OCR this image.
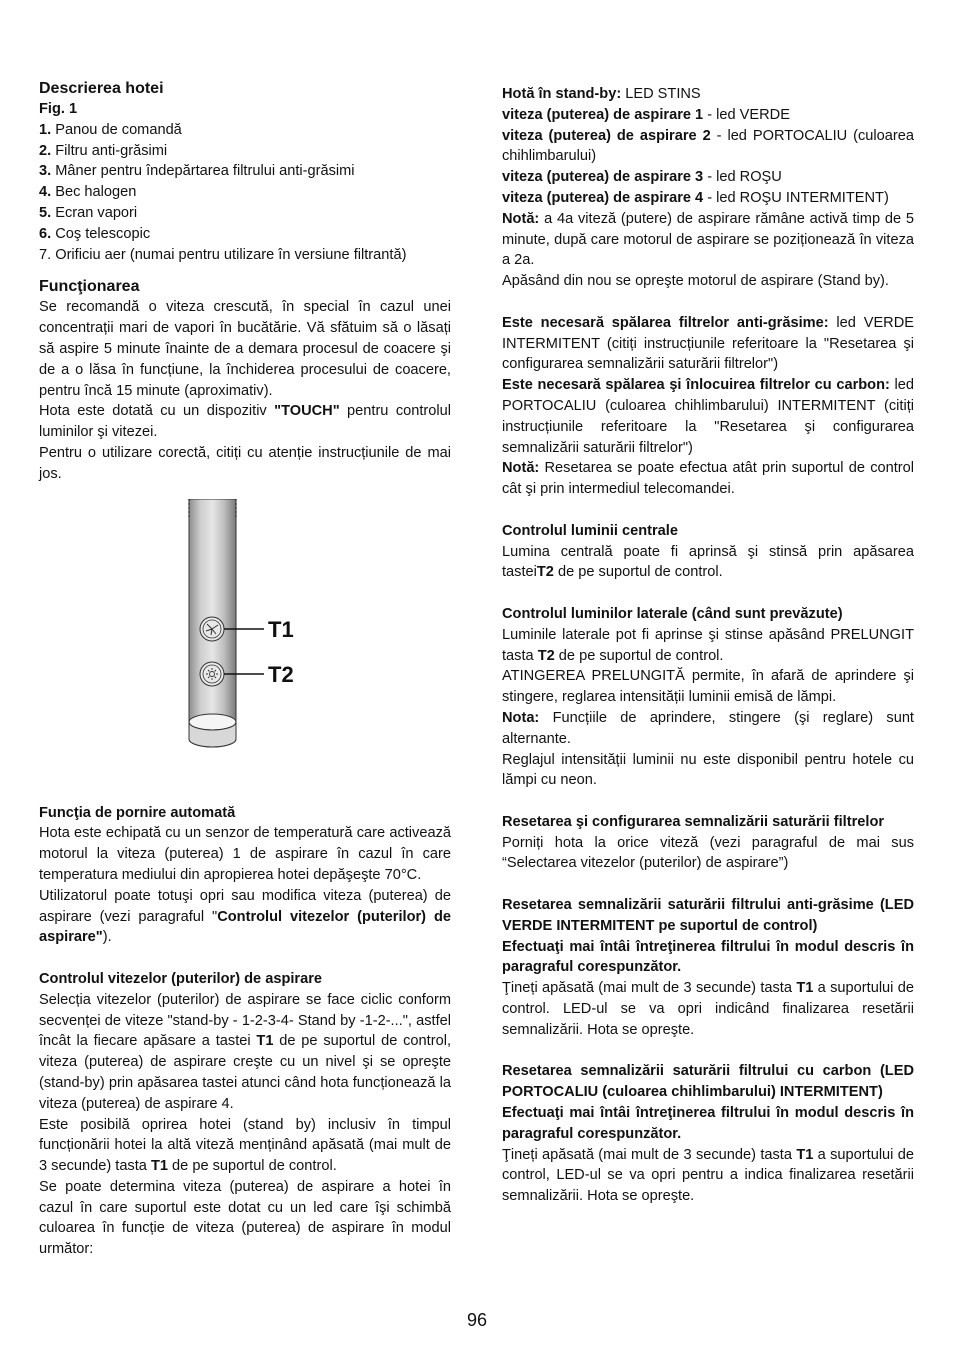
Descrierea hotei

Fig. 1

1. Panou de comandă

2. Filtru anti-grăsimi

3. Mâner pentru îndepărtarea filtrului anti-grăsimi

4. Bec halogen

5. Ecran vapori

6. Coş telescopic

7. Orificiu aer (numai pentru utilizare în versiune filtrantă)

Funcţionarea

Se recomandă o viteza crescută, în special în cazul unei concentrații mari de vapori în bucătărie. Vă sfătuim să o lăsați să aspire 5 minute înainte de a demara procesul de coacere şi de a o lăsa în funcțiune, la închiderea procesului de coacere, pentru încă 15 minute (aproximativ).

Hota este dotată cu un dispozitiv "TOUCH" pentru controlul luminilor şi vitezei.

Pentru o utilizare corectă, citiți cu atenție instrucțiunile de mai jos.

T1
T2

Funcţia de pornire automată

Hota este echipată cu un senzor de temperatură care activează motorul la viteza (puterea) 1 de aspirare în cazul în care temperatura mediului din apropierea hotei depăşeşte 70°C.

Utilizatorul poate totuşi opri sau modifica viteza (puterea) de aspirare (vezi paragraful "Controlul vitezelor (puterilor) de aspirare").

Controlul vitezelor (puterilor) de aspirare

Selecția vitezelor (puterilor) de aspirare se face ciclic conform secvenței de viteze "stand-by - 1-2-3-4- Stand by -1-2-...", astfel încât la fiecare apăsare a tastei T1 de pe suportul de control, viteza (puterea) de aspirare creşte cu un nivel şi se opreşte (stand-by) prin apăsarea tastei atunci când hota funcționează la viteza (puterea) de aspirare 4.

Este posibilă oprirea hotei (stand by) inclusiv în timpul funcționării hotei la altă viteză menținând apăsată (mai mult de 3 secunde) tasta T1 de pe suportul de control.

Se poate determina viteza (puterea) de aspirare a hotei în cazul în care suportul este dotat cu un led care îşi schimbă culoarea în funcție de viteza (puterea) de aspirare în modul următor:

Hotă în stand-by: LED STINS

viteza (puterea) de aspirare 1 - led VERDE

viteza (puterea) de aspirare 2 - led PORTOCALIU (culoarea chihlimbarului)

viteza (puterea) de aspirare 3 - led ROŞU

viteza (puterea) de aspirare 4 - led ROŞU INTERMITENT)

Notă: a 4a viteză (putere) de aspirare rămâne activă timp de 5 minute, după care motorul de aspirare se poziționează în viteza a 2a.

Apăsând din nou se opreşte motorul de aspirare (Stand by).

Este necesară spălarea filtrelor anti-grăsime: led VERDE INTERMITENT (citiți instrucțiunile referitoare la "Resetarea şi configurarea semnalizării saturării filtrelor")

Este necesară spălarea şi înlocuirea filtrelor cu carbon: led PORTOCALIU (culoarea chihlimbarului) INTERMITENT (citiți instrucțiunile referitoare la "Resetarea şi configurarea semnalizării saturării filtrelor")

Notă: Resetarea se poate efectua atât prin suportul de control cât şi prin intermediul telecomandei.

Controlul luminii centrale

Lumina centrală poate fi aprinsă şi stinsă prin apăsarea tasteiT2 de pe suportul de control.

Controlul luminilor laterale (când sunt prevăzute)

Luminile laterale pot fi aprinse şi stinse apăsând PRELUNGIT tasta T2 de pe suportul de control.

ATINGEREA PRELUNGITĂ permite, în afară de aprindere şi stingere, reglarea intensității luminii emisă de lămpi.

Nota: Funcțiile de aprindere, stingere (şi reglare) sunt alternante.

Reglajul intensității luminii nu este disponibil pentru hotele cu lămpi cu neon.

Resetarea şi configurarea semnalizării saturării filtrelor

Porniți hota la orice viteză (vezi paragraful de mai sus “Selectarea vitezelor (puterilor) de aspirare”)

Resetarea semnalizării saturării filtrului anti-grăsime (LED VERDE INTERMITENT pe suportul de control)

Efectuaţi mai întâi întreţinerea filtrului în modul descris în paragraful corespunzător.

Ţineți apăsată (mai mult de 3 secunde) tasta T1 a suportului de control. LED-ul se va opri indicând finalizarea resetării semnalizării. Hota se opreşte.

Resetarea semnalizării saturării filtrului cu carbon (LED PORTOCALIU (culoarea chihlimbarului) INTERMITENT)

Efectuaţi mai întâi întreţinerea filtrului în modul descris în paragraful corespunzător.

Ţineți apăsată (mai mult de 3 secunde) tasta T1 a suportului de control, LED-ul se va opri pentru a indica finalizarea resetării semnalizării. Hota se opreşte.

96
